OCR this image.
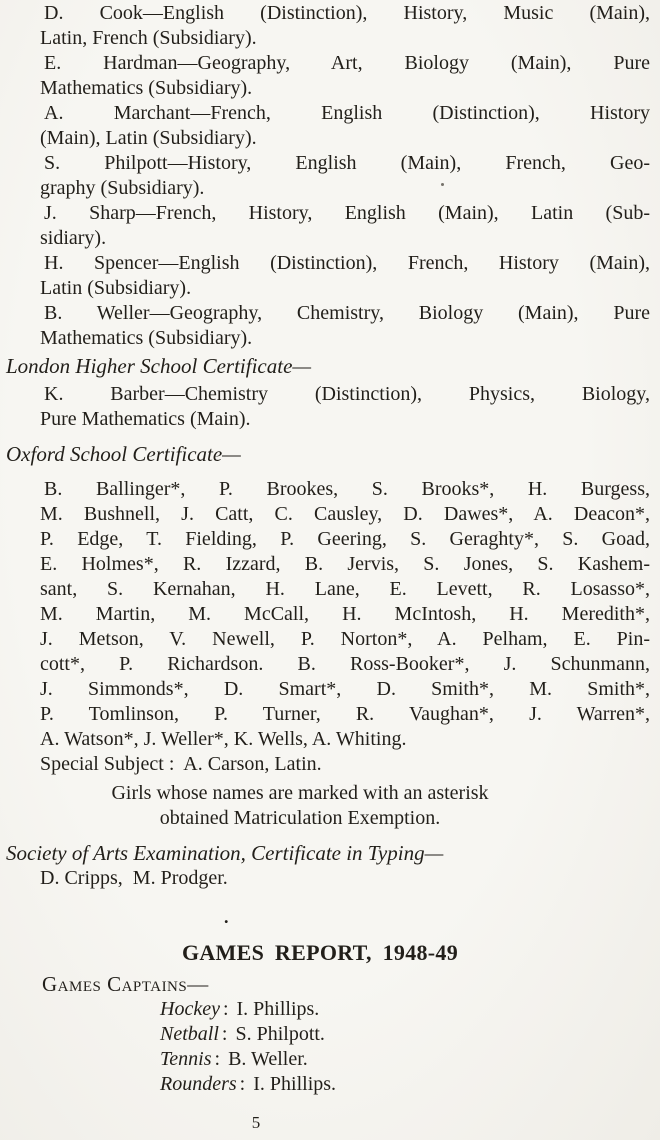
D. Cook—English (Distinction), History, Music (Main),
Latin, French (Subsidiary).
E. Hardman—Geography, Art, Biology (Main), Pure
Mathematics (Subsidiary).
A. Marchant—French, English (Distinction), History
(Main), Latin (Subsidiary).
S. Philpott—History, English (Main), French, Geo-
graphy (Subsidiary).
J. Sharp—French, History, English (Main), Latin (Sub-
sidiary).
H. Spencer—English (Distinction), French, History (Main),
Latin (Subsidiary).
B. Weller—Geography, Chemistry, Biology (Main), Pure
Mathematics (Subsidiary).
London Higher School Certificate—
K. Barber—Chemistry (Distinction), Physics, Biology,
Pure Mathematics (Main).
Oxford School Certificate—
B. Ballinger*, P. Brookes, S. Brooks*, H. Burgess,
M. Bushnell, J. Catt, C. Causley, D. Dawes*, A. Deacon*,
P. Edge, T. Fielding, P. Geering, S. Geraghty*, S. Goad,
E. Holmes*, R. Izzard, B. Jervis, S. Jones, S. Kashem-
sant, S. Kernahan, H. Lane, E. Levett, R. Losasso*,
M. Martin, M. McCall, H. McIntosh, H. Meredith*,
J. Metson, V. Newell, P. Norton*, A. Pelham, E. Pin-
cott*, P. Richardson. B. Ross-Booker*, J. Schunmann,
J. Simmonds*, D. Smart*, D. Smith*, M. Smith*,
P. Tomlinson, P. Turner, R. Vaughan*, J. Warren*,
A. Watson*, J. Weller*, K. Wells, A. Whiting.
Special Subject :  A. Carson, Latin.
Girls whose names are marked with an asterisk
obtained Matriculation Exemption.
Society of Arts Examination, Certificate in Typing—
D. Cripps,  M. Prodger.
.
GAMES REPORT, 1948-49
Games Captains—
Hockey : I. Phillips.
Netball : S. Philpott.
Tennis : B. Weller.
Rounders : I. Phillips.
5
